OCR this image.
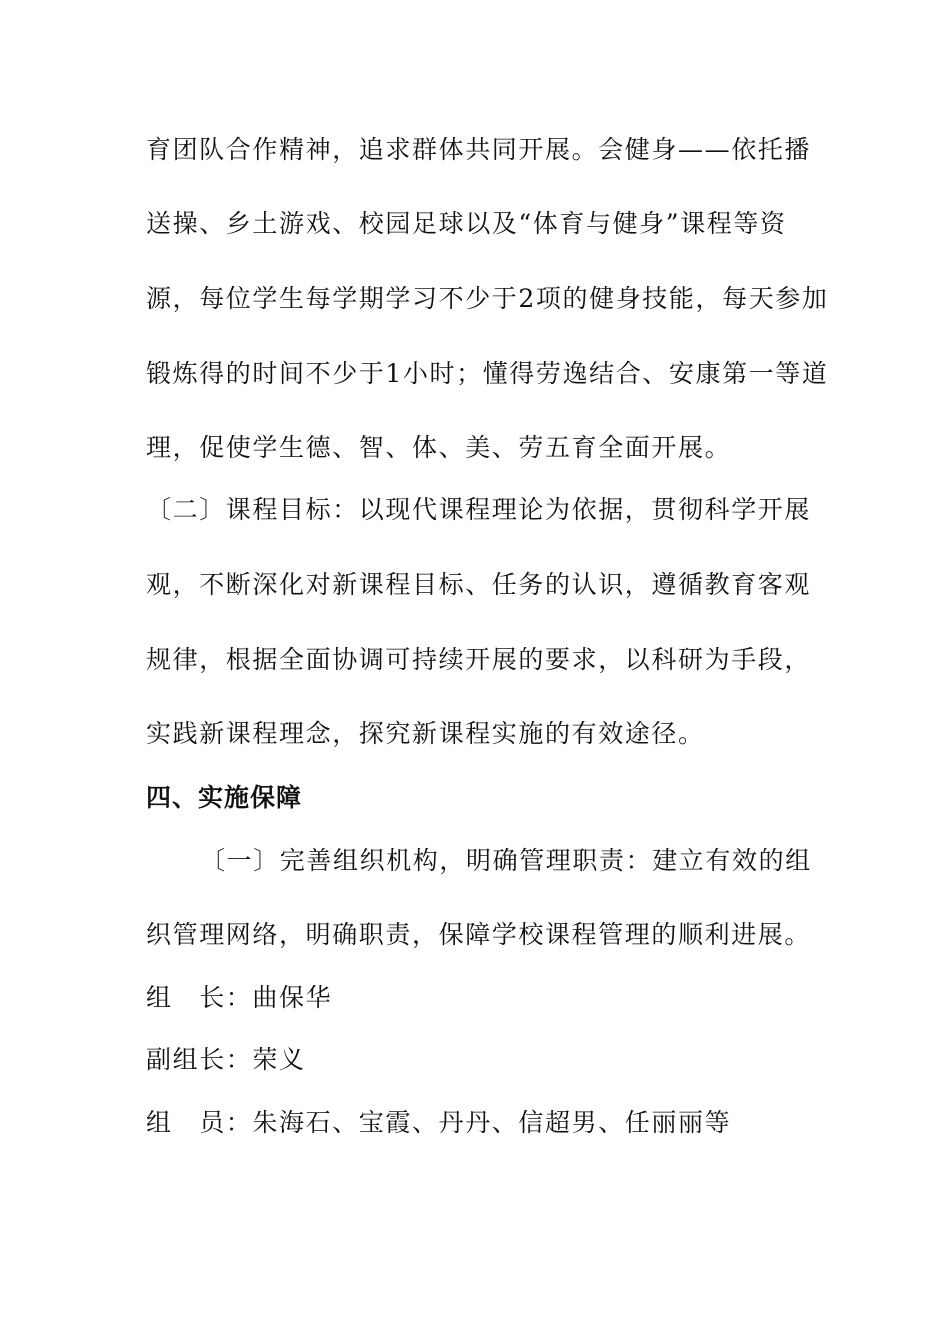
育团队合作精神，追求群体共同开展。会健身——依托播
送操、乡土游戏、校园足球以及“体育与健身”课程等资
源，每位学生每学期学习不少于2项的健身技能，每天参加
锻炼得的时间不少于1小时；懂得劳逸结合、安康第一等道
理，促使学生德、智、体、美、劳五育全面开展。
〔二〕课程目标：以现代课程理论为依据，贯彻科学开展
观，不断深化对新课程目标、任务的认识，遵循教育客观
规律，根据全面协调可持续开展的要求，以科研为手段，
实践新课程理念，探究新课程实施的有效途径。
四、实施保障
〔一〕完善组织机构，明确管理职责：建立有效的组
织管理网络，明确职责，保障学校课程管理的顺利进展。
组　长：曲保华
副组长：荣义
组　员：朱海石、宝霞、丹丹、信超男、任丽丽等
